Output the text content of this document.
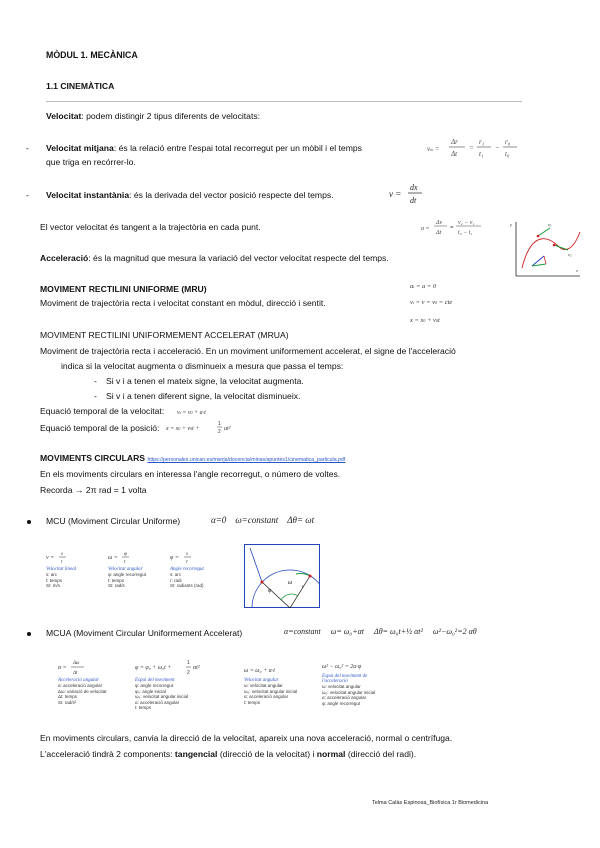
MÒDUL 1. MECÀNICA
1.1 CINEMÀTICA
Velocitat: podem distingir 2 tipus diferents de velocitats:
- Velocitat mitjana: és la relació entre l'espai total recorregut per un mòbil i el temps
que triga en recórrer-lo.
vm =
Δr
Δt
=
r₁
t₁
−
r₀
t₀
- Velocitat instantània: és la derivada del vector posició respecte del temps.	v =
dx
dt
El vector velocitat és tangent a la trajectòria en cada punt.	a =
Δv
Δt
=
v₂ − v₁
t₂ − t₁
v₁
v₂
x
y
Acceleració: és la magnitud que mesura la variació del vector velocitat respecte del temps.
MOVIMENT RECTILINI UNIFORME (MRU)
Moviment de trajectòria recta i velocitat constant en mòdul, direcció i sentit.
at = a = 0
vt = v = v0 = cte
x = x0 + v0t
MOVIMENT RECTILINI UNIFORMEMENT ACCELERAT (MRUA)
Moviment de trajectòria recta i acceleració. En un moviment uniformement accelerat, el signe de l'acceleració
indica si la velocitat augmenta o disminueix a mesura que passa el temps:
- Si v i a tenen el mateix signe, la velocitat augmenta.
- Si v i a tenen diferent signe, la velocitat disminueix.
Equació temporal de la velocitat: vt = v0 + a·t
Equació temporal de la posició: x = x0 + v0t +
1
2 at²
MOVIMENTS CIRCULARS https://personales.unican.es/mierja/docencia/minas/apuntes1/cinematica_particula.pdf
En els moviments circulars en interessa l'angle recorregut, o número de voltes.
Recorda → 2π rad = 1 volta
MCU (Moviment Circular Uniforme)	α=0 ω=constant Δθ= ωt
v =
s
t
Velocitat lineal
s: arc
t: temps
SI: m/s
ω =
φ
t
Velocitat angular
φ: angle recorregut
t: temps
SI: rad/s
φ =
s
r
Angle recorregut
s: arc
r: radi
SI: radiants (rad)	ω
φ
r
MCUA (Moviment Circular Uniformement Accelerat)	α=constant ω= ω₀+αt Δθ= ω₀t+½ αt² ω²−ω₀²=2 αθ
α =
Δω
Δt
Acceleració angular
α: acceleració angular
Δω: variació de velocitat
Δt: temps
SI: rad/s²
φ = φ₀ + ω₀t +
1
2
αt²
Espai del moviment
φ: angle recorregut
φ₀: angle inicial
ω₀: velocitat angular inicial
α: acceleració angular
t: temps
ω = ω₀ + α·t
Velocitat angular
ω: velocitat angular
ω₀: velocitat angular inicial
α: acceleració angular
t: temps
ω² − ω₀² = 2α·φ
Espai del moviment de l'acceleració
ω: velocitat angular
ω₀: velocitat angular inicial
α: acceleració angular
φ: angle recorregut
En moviments circulars, canvia la direcció de la velocitat, apareix una nova acceleració, normal o centrífuga.
L'acceleració tindrà 2 components: tangencial (direcció de la velocitat) i normal (direcció del radi).
Telma Calàs Espinosa_Biofísica 1r Biomedicina
